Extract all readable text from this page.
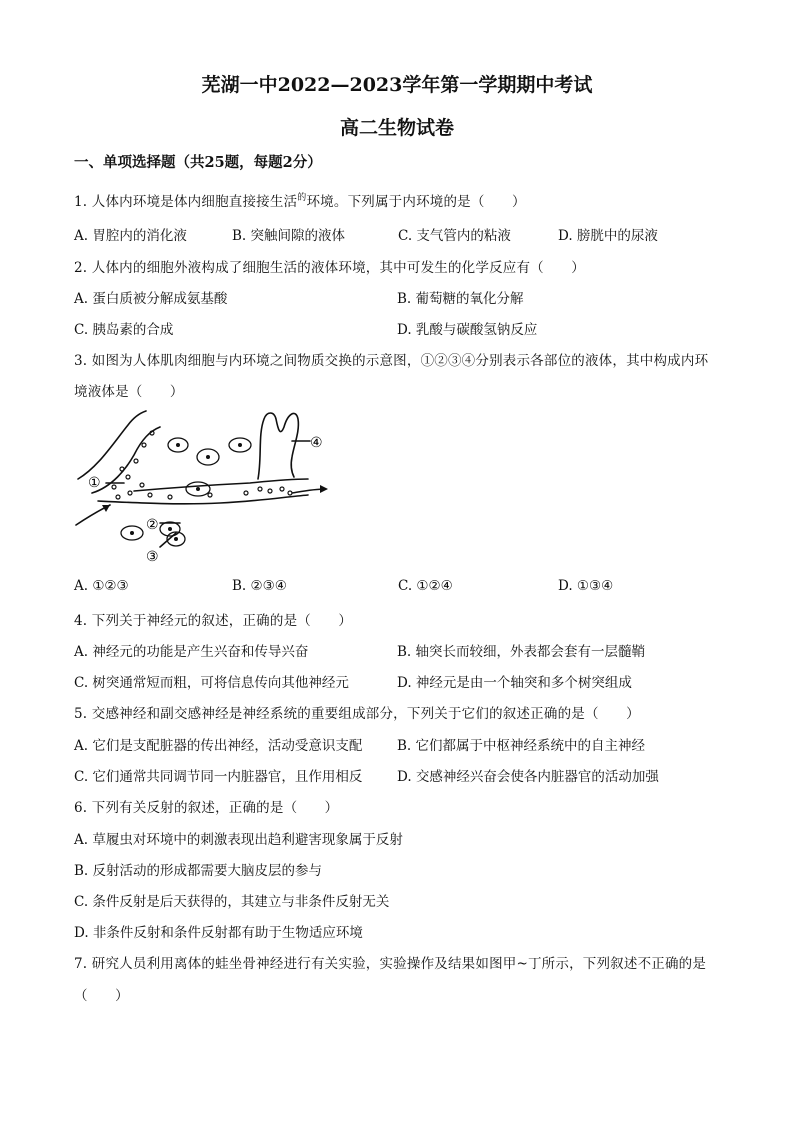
芜湖一中2022—2023学年第一学期期中考试
高二生物试卷
一、单项选择题（共25题，每题2分）
1. 人体内环境是体内细胞直接接生活$^的$环境。下列属于内环境的是（　　）
A. 胃腔内的消化液	B. 突触间隙的液体	C. 支气管内的粘液	D. 膀胱中的尿液
2. 人体内的细胞外液构成了细胞生活的液体环境，其中可发生的化学反应有（　　）
A. 蛋白质被分解成氨基酸	B. 葡萄糖的氧化分解
C. 胰岛素的合成	D. 乳酸与碳酸氢钠反应
3. 如图为人体肌肉细胞与内环境之间物质交换的示意图，①②③④分别表示各部位的液体，其中构成内环
境液体是（　　）
①
②
③
④
A. ①②③	B. ②③④	C. ①②④	D. ①③④
4. 下列关于神经元的叙述，正确的是（　　）
A. 神经元的功能是产生兴奋和传导兴奋	B. 轴突长而较细，外表都会套有一层髓鞘
C. 树突通常短而粗，可将信息传向其他神经元	D. 神经元是由一个轴突和多个树突组成
5. 交感神经和副交感神经是神经系统的重要组成部分，下列关于它们的叙述正确的是（　　）
A. 它们是支配脏器的传出神经，活动受意识支配	B. 它们都属于中枢神经系统中的自主神经
C. 它们通常共同调节同一内脏器官，且作用相反	D. 交感神经兴奋会使各内脏器官的活动加强
6. 下列有关反射的叙述，正确的是（　　）
A. 草履虫对环境中的刺激表现出趋利避害现象属于反射
B. 反射活动的形成都需要大脑皮层的参与
C. 条件反射是后天获得的，其建立与非条件反射无关
D. 非条件反射和条件反射都有助于生物适应环境
7. 研究人员利用离体的蛙坐骨神经进行有关实验，实验操作及结果如图甲~丁所示，下列叙述不正确的是
（　　）
